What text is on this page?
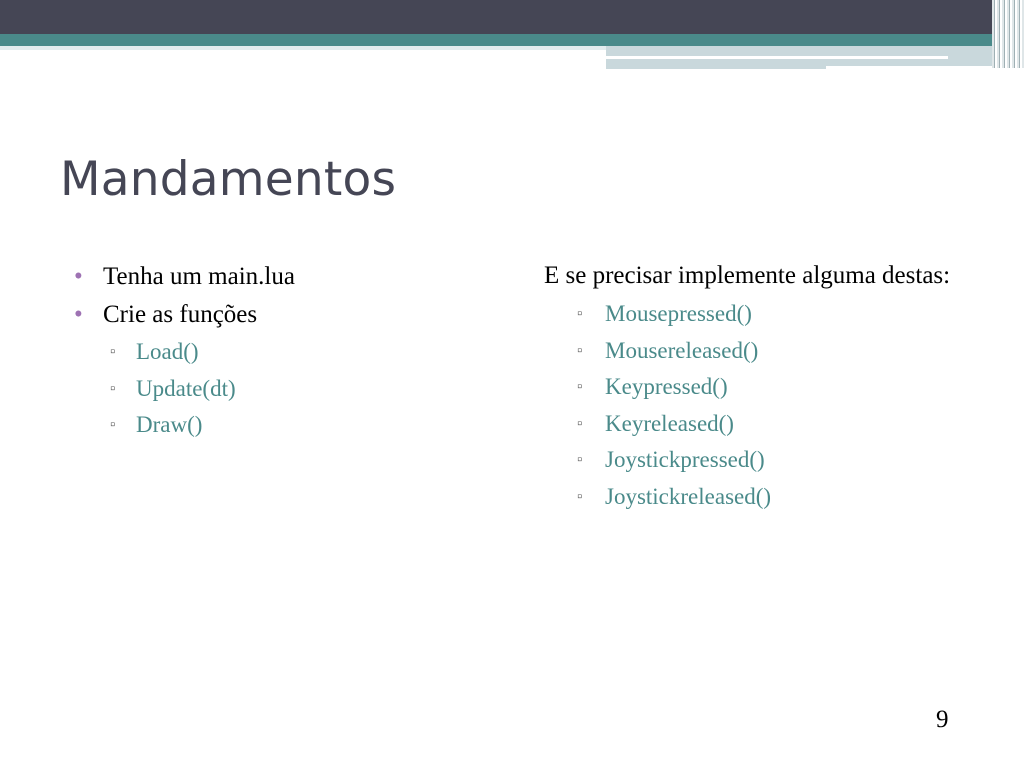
Mandamentos
• Tenha um main.lua
• Crie as funções
▫ Load()
▫ Update(dt)
▫ Draw()

E se precisar implemente alguma destas:

▫ Mousepressed()
▫ Mousereleased()
▫ Keypressed()
▫ Keyreleased()
▫ Joystickpressed()
▫ Joystickreleased()
9
